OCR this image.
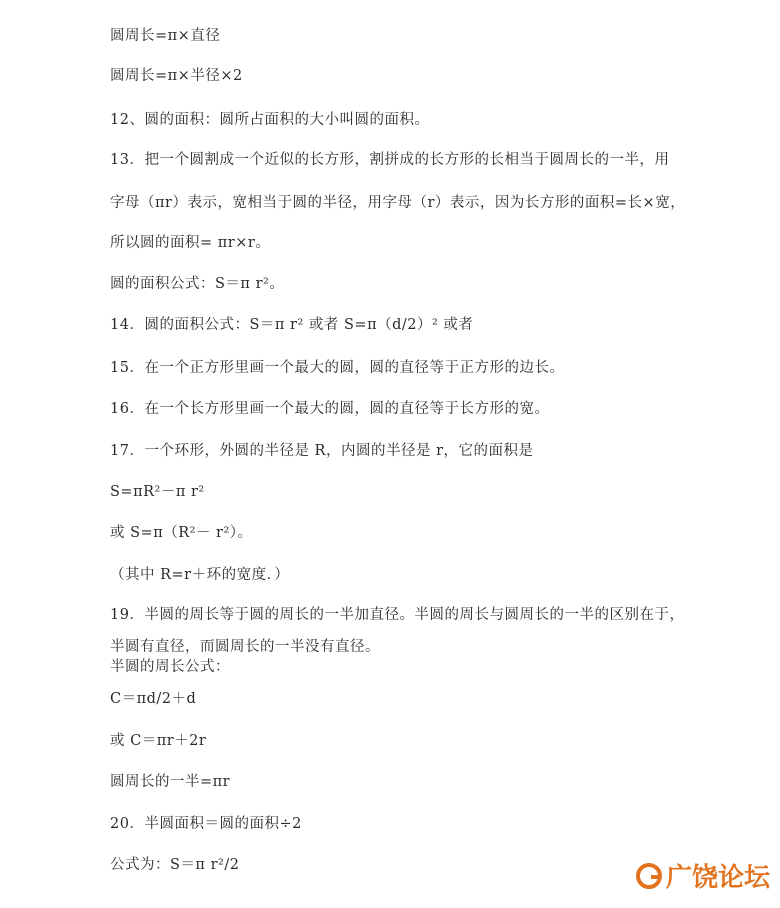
圆周长=π×直径
圆周长=π×半径×2
12、圆的面积：圆所占面积的大小叫圆的面积。
13．把一个圆割成一个近似的长方形，割拼成的长方形的长相当于圆周长的一半，用
字母（πr）表示，宽相当于圆的半径，用字母（r）表示，因为长方形的面积=长×宽，
所以圆的面积= πr×r。
圆的面积公式：S＝π r²。
14．圆的面积公式：S＝π r² 或者 S=π（d/2）² 或者
15．在一个正方形里画一个最大的圆，圆的直径等于正方形的边长。
16．在一个长方形里画一个最大的圆，圆的直径等于长方形的宽。
17．一个环形，外圆的半径是 R，内圆的半径是 r，它的面积是
S=πR²－π r²
或 S=π（R²－ r²）。
（其中 R=r＋环的宽度．）
19．半圆的周长等于圆的周长的一半加直径。半圆的周长与圆周长的一半的区别在于，
半圆有直径，而圆周长的一半没有直径。
半圆的周长公式：
C＝πd/2＋d
或 C＝πr＋2r
圆周长的一半=πr
20．半圆面积＝圆的面积÷2
公式为：S＝π r²/2	广饶论坛
